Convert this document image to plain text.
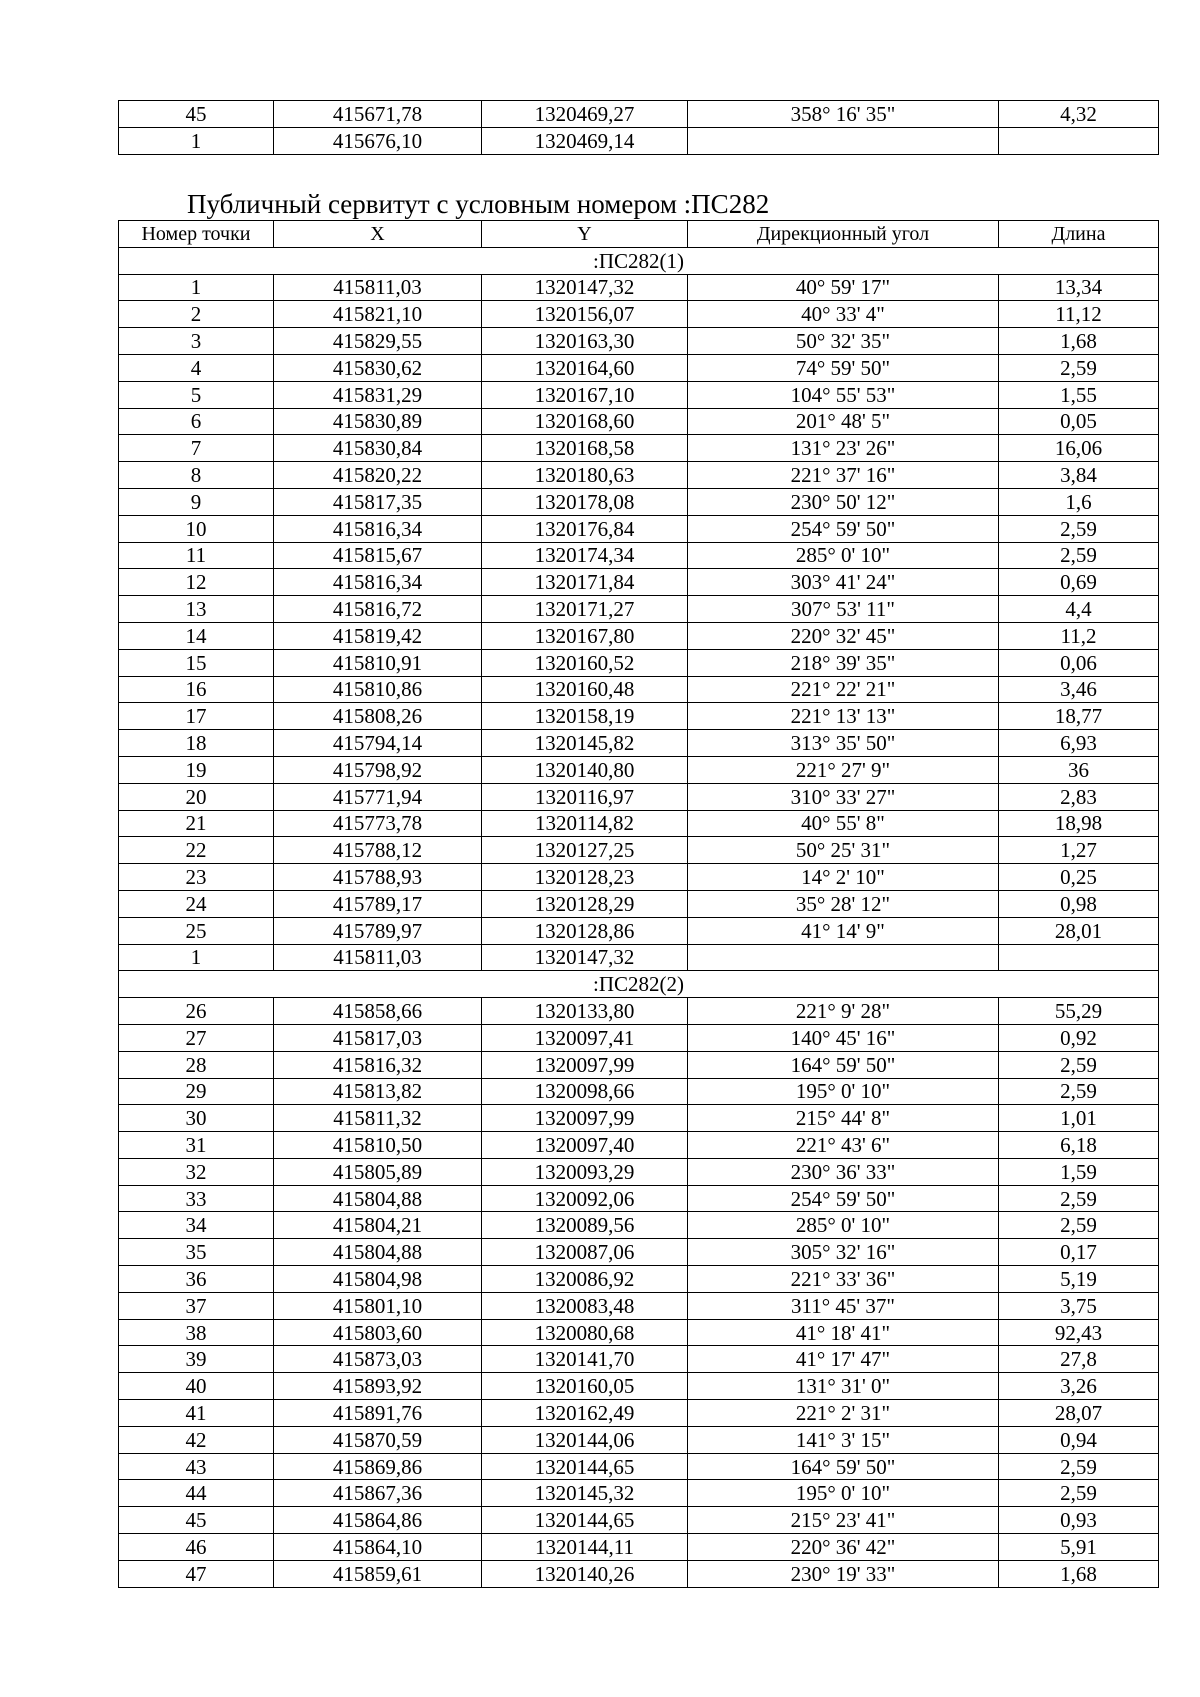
45	415671,78	1320469,27	358° 16' 35"	4,32
1	415676,10	1320469,14		
Публичный сервитут с условным номером :ПС282
Номер точки	X	Y	Дирекционный угол	Длина
:ПС282(1)				
1	415811,03	1320147,32	40° 59' 17"	13,34
2	415821,10	1320156,07	40° 33' 4"	11,12
3	415829,55	1320163,30	50° 32' 35"	1,68
4	415830,62	1320164,60	74° 59' 50"	2,59
5	415831,29	1320167,10	104° 55' 53"	1,55
6	415830,89	1320168,60	201° 48' 5"	0,05
7	415830,84	1320168,58	131° 23' 26"	16,06
8	415820,22	1320180,63	221° 37' 16"	3,84
9	415817,35	1320178,08	230° 50' 12"	1,6
10	415816,34	1320176,84	254° 59' 50"	2,59
11	415815,67	1320174,34	285° 0' 10"	2,59
12	415816,34	1320171,84	303° 41' 24"	0,69
13	415816,72	1320171,27	307° 53' 11"	4,4
14	415819,42	1320167,80	220° 32' 45"	11,2
15	415810,91	1320160,52	218° 39' 35"	0,06
16	415810,86	1320160,48	221° 22' 21"	3,46
17	415808,26	1320158,19	221° 13' 13"	18,77
18	415794,14	1320145,82	313° 35' 50"	6,93
19	415798,92	1320140,80	221° 27' 9"	36
20	415771,94	1320116,97	310° 33' 27"	2,83
21	415773,78	1320114,82	40° 55' 8"	18,98
22	415788,12	1320127,25	50° 25' 31"	1,27
23	415788,93	1320128,23	14° 2' 10"	0,25
24	415789,17	1320128,29	35° 28' 12"	0,98
25	415789,97	1320128,86	41° 14' 9"	28,01
1	415811,03	1320147,32		
:ПС282(2)				
26	415858,66	1320133,80	221° 9' 28"	55,29
27	415817,03	1320097,41	140° 45' 16"	0,92
28	415816,32	1320097,99	164° 59' 50"	2,59
29	415813,82	1320098,66	195° 0' 10"	2,59
30	415811,32	1320097,99	215° 44' 8"	1,01
31	415810,50	1320097,40	221° 43' 6"	6,18
32	415805,89	1320093,29	230° 36' 33"	1,59
33	415804,88	1320092,06	254° 59' 50"	2,59
34	415804,21	1320089,56	285° 0' 10"	2,59
35	415804,88	1320087,06	305° 32' 16"	0,17
36	415804,98	1320086,92	221° 33' 36"	5,19
37	415801,10	1320083,48	311° 45' 37"	3,75
38	415803,60	1320080,68	41° 18' 41"	92,43
39	415873,03	1320141,70	41° 17' 47"	27,8
40	415893,92	1320160,05	131° 31' 0"	3,26
41	415891,76	1320162,49	221° 2' 31"	28,07
42	415870,59	1320144,06	141° 3' 15"	0,94
43	415869,86	1320144,65	164° 59' 50"	2,59
44	415867,36	1320145,32	195° 0' 10"	2,59
45	415864,86	1320144,65	215° 23' 41"	0,93
46	415864,10	1320144,11	220° 36' 42"	5,91
47	415859,61	1320140,26	230° 19' 33"	1,68
